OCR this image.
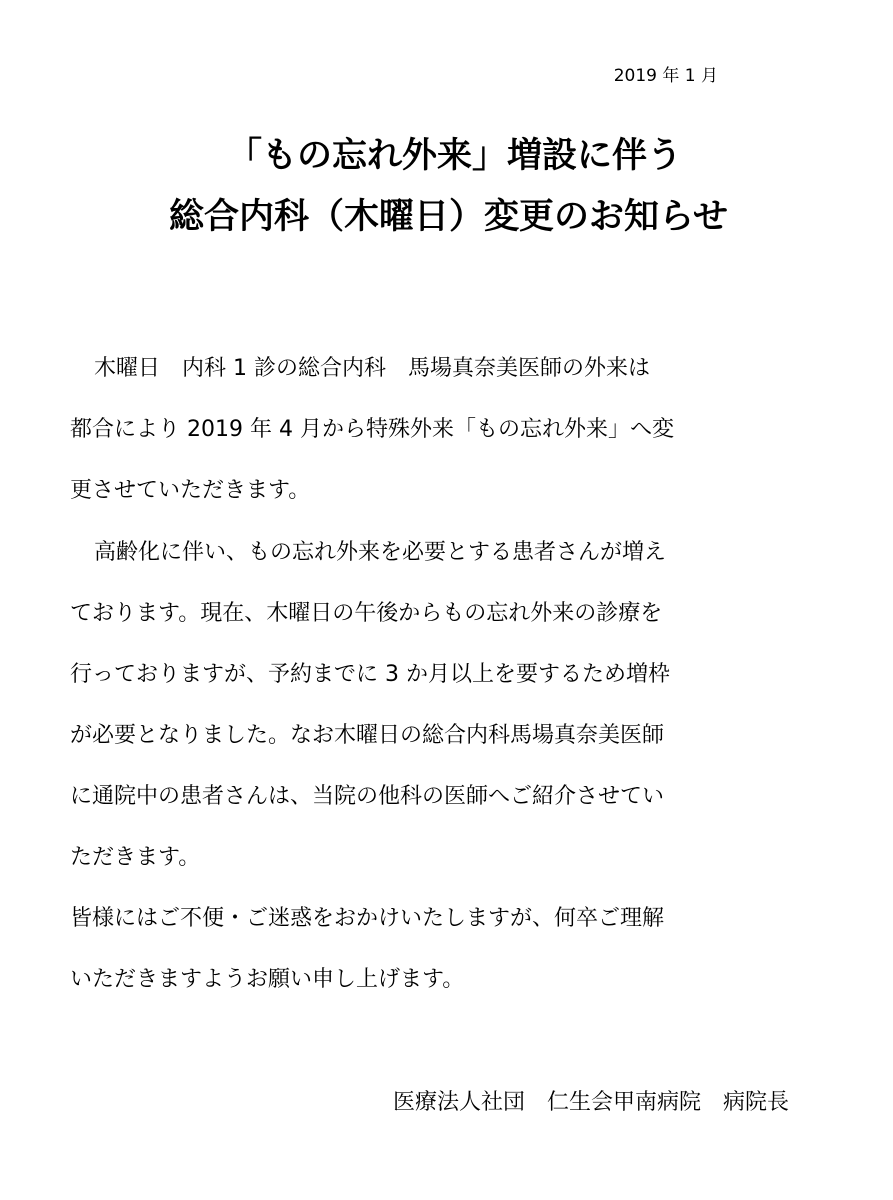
2019 年 1 月
「もの忘れ外来」増設に伴う
総合内科（木曜日）変更のお知らせ

木曜日　内科 1 診の総合内科　馬場真奈美医師の外来は

都合により 2019 年 4 月から特殊外来「もの忘れ外来」へ変

更させていただきます。

高齢化に伴い、もの忘れ外来を必要とする患者さんが増え

ております。現在、木曜日の午後からもの忘れ外来の診療を

行っておりますが、予約までに 3 か月以上を要するため増枠

が必要となりました。なお木曜日の総合内科馬場真奈美医師

に通院中の患者さんは、当院の他科の医師へご紹介させてい

ただきます。

皆様にはご不便・ご迷惑をおかけいたしますが、何卒ご理解

いただきますようお願い申し上げます。

医療法人社団　仁生会甲南病院　病院長
